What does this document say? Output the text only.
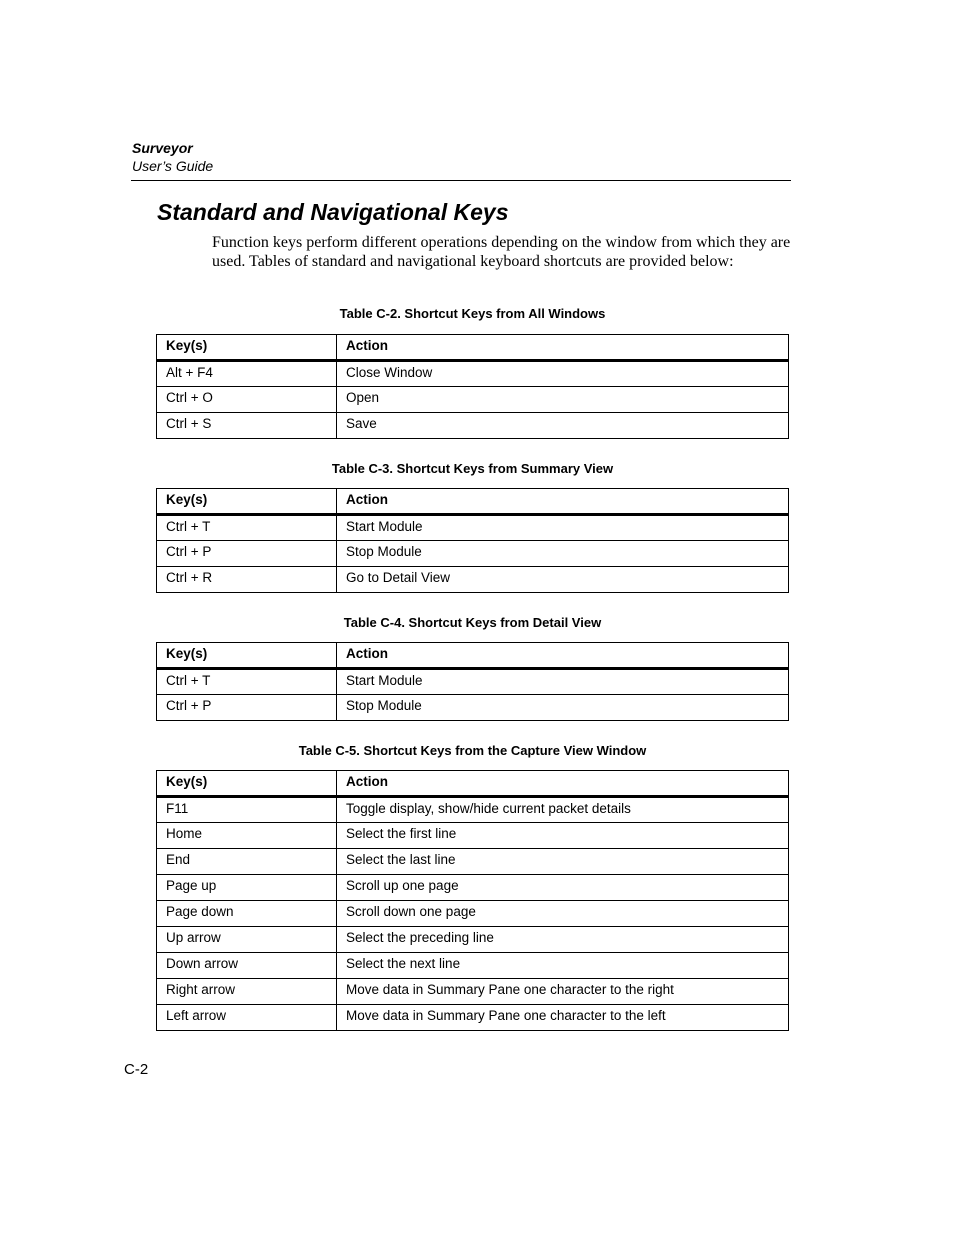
Surveyor
User’s Guide
Standard and Navigational Keys

Function keys perform different operations depending on the window from which they are used. Tables of standard and navigational keyboard shortcuts are provided below:

Table C-2. Shortcut Keys from All Windows
Key(s)	Action
Alt + F4	Close Window
Ctrl + O	Open
Ctrl + S	Save
Table C-3. Shortcut Keys from Summary View
Key(s)	Action
Ctrl + T	Start Module
Ctrl + P	Stop Module
Ctrl + R	Go to Detail View
Table C-4. Shortcut Keys from Detail View
Key(s)	Action
Ctrl + T	Start Module
Ctrl + P	Stop Module
Table C-5. Shortcut Keys from the Capture View Window
Key(s)	Action
F11	Toggle display, show/hide current packet details
Home	Select the first line
End	Select the last line
Page up	Scroll up one page
Page down	Scroll down one page
Up arrow	Select the preceding line
Down arrow	Select the next line
Right arrow	Move data in Summary Pane one character to the right
Left arrow	Move data in Summary Pane one character to the left
C-2
